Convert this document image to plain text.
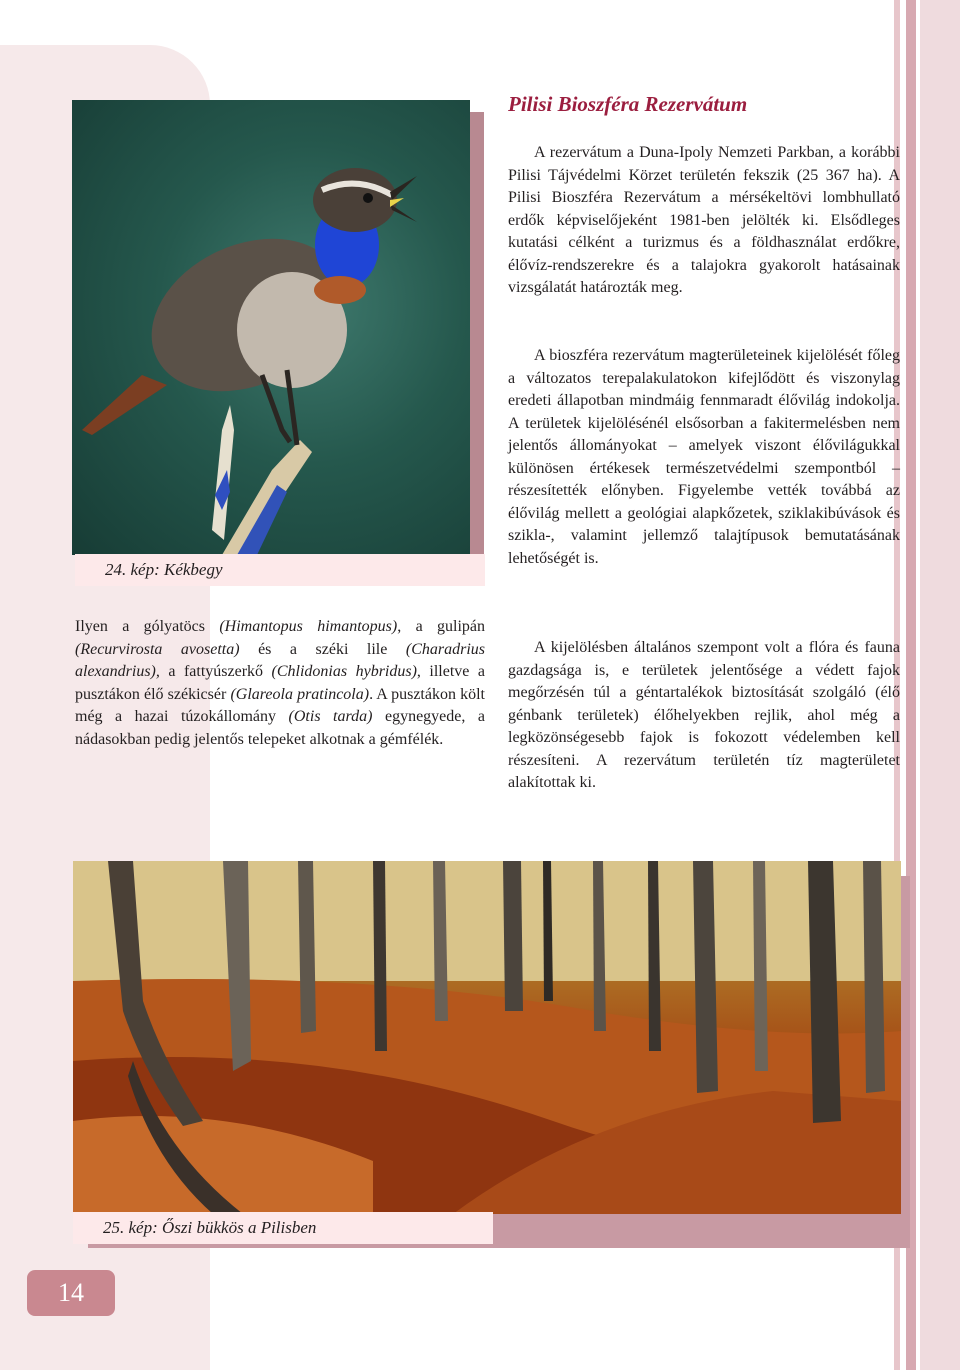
24. kép: Kékbegy
Pilisi Bioszféra Rezervátum

A rezervátum a Duna-Ipoly Nemzeti Parkban, a korábbi Pilisi Tájvédelmi Körzet területén fekszik (25 367 ha). A Pilisi Bioszféra Rezervátum a mérsékeltövi lombhullató erdők képviselőjeként 1981-ben jelölték ki. Elsődleges kutatási célként a turizmus és a földhasználat erdőkre, élővíz-rendszerekre és a talajokra gyakorolt hatásainak vizsgálatát határozták meg.

A bioszféra rezervátum magterületeinek kijelölését főleg a változatos terepalakulatokon kifejlődött és viszonylag eredeti állapotban mindmáig fennmaradt élővilág indokolja. A területek kijelölésénél elsősorban a fakitermelésben nem jelentős állományokat – amelyek viszont élővilágukkal különösen értékesek természetvédelmi szempontból – részesítették előnyben. Figyelembe vették továbbá az élővilág mellett a geológiai alapkőzetek, sziklakibúvások és szikla-, valamint jellemző talajtípusok bemutatásának lehetőségét is.

A kijelölésben általános szempont volt a flóra és fauna gazdagsága is, e területek jelentősége a védett fajok megőrzésén túl a géntartalékok biztosítását szolgáló (élő génbank területek) élőhelyekben rejlik, ahol még a legközönségesebb fajok is fokozott védelemben kell részesíteni. A rezervátum területén tíz magterületet alakítottak ki.

Ilyen a gólyatöcs (Himantopus himantopus), a gulipán (Recurvirosta avosetta) és a széki lile (Charadrius alexandrius), a fattyúszerkő (Chlidonias hybridus), illetve a pusztákon élő székicsér (Glareola pratincola). A pusztákon költ még a hazai túzokállomány (Otis tarda) egynegyede, a nádasokban pedig jelentős telepeket alkotnak a gémfélék.

25. kép: Őszi bükkös a Pilisben
14
